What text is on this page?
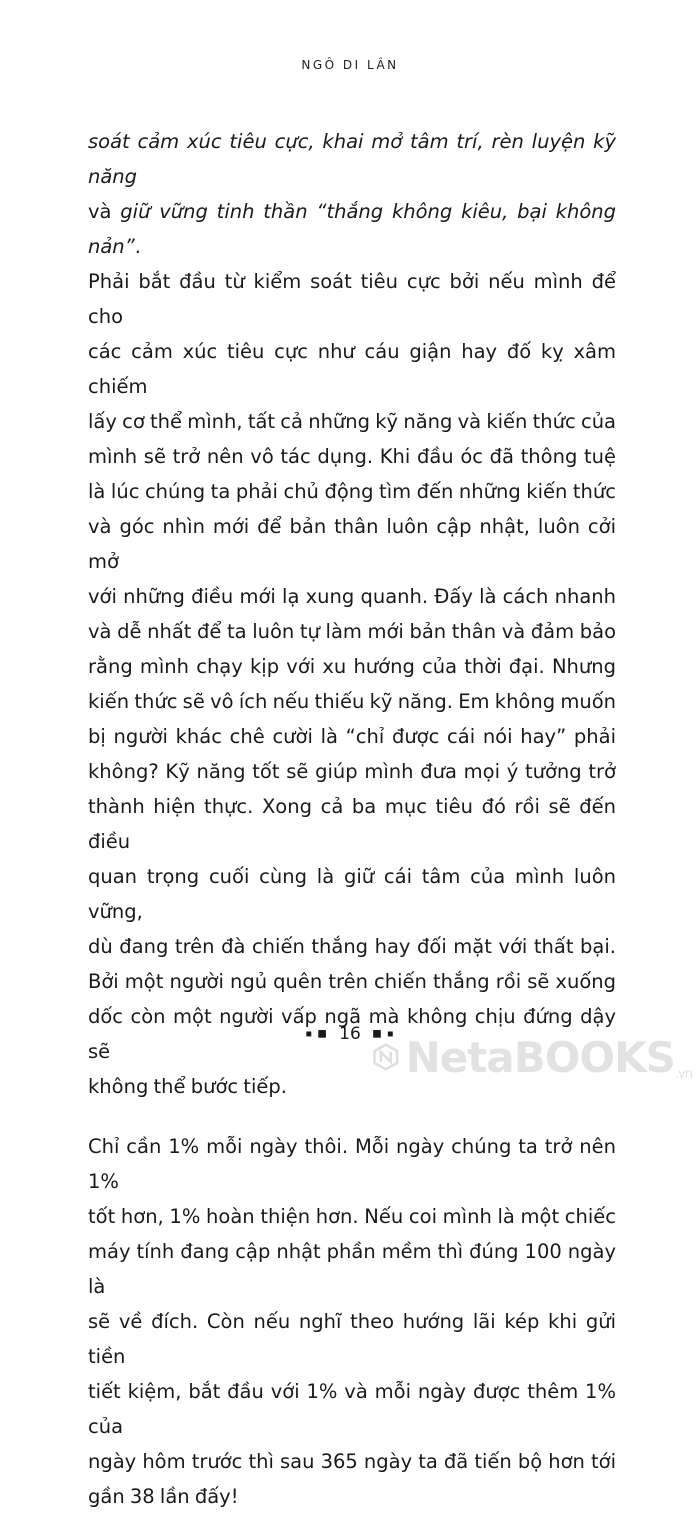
NGÔ DI LÂN

soát cảm xúc tiêu cực, khai mở tâm trí, rèn luyện kỹ năng
và giữ vững tinh thần “thắng không kiêu, bại không nản”.
Phải bắt đầu từ kiểm soát tiêu cực bởi nếu mình để cho
các cảm xúc tiêu cực như cáu giận hay đố kỵ xâm chiếm
lấy cơ thể mình, tất cả những kỹ năng và kiến thức của
mình sẽ trở nên vô tác dụng. Khi đầu óc đã thông tuệ
là lúc chúng ta phải chủ động tìm đến những kiến thức
và góc nhìn mới để bản thân luôn cập nhật, luôn cởi mở
với những điều mới lạ xung quanh. Đấy là cách nhanh
và dễ nhất để ta luôn tự làm mới bản thân và đảm bảo
rằng mình chạy kịp với xu hướng của thời đại. Nhưng
kiến thức sẽ vô ích nếu thiếu kỹ năng. Em không muốn
bị người khác chê cười là “chỉ được cái nói hay” phải
không? Kỹ năng tốt sẽ giúp mình đưa mọi ý tưởng trở
thành hiện thực. Xong cả ba mục tiêu đó rồi sẽ đến điều
quan trọng cuối cùng là giữ cái tâm của mình luôn vững,
dù đang trên đà chiến thắng hay đối mặt với thất bại.
Bởi một người ngủ quên trên chiến thắng rồi sẽ xuống
dốc còn một người vấp ngã mà không chịu đứng dậy sẽ
không thể bước tiếp.

Chỉ cần 1% mỗi ngày thôi. Mỗi ngày chúng ta trở nên 1%
tốt hơn, 1% hoàn thiện hơn. Nếu coi mình là một chiếc
máy tính đang cập nhật phần mềm thì đúng 100 ngày là
sẽ về đích. Còn nếu nghĩ theo hướng lãi kép khi gửi tiền
tiết kiệm, bắt đầu với 1% và mỗi ngày được thêm 1% của
ngày hôm trước thì sau 365 ngày ta đã tiến bộ hơn tới
gần 38 lần đấy!

▪ ■ 16 ■ ▪ NetaBOOKS.vn
